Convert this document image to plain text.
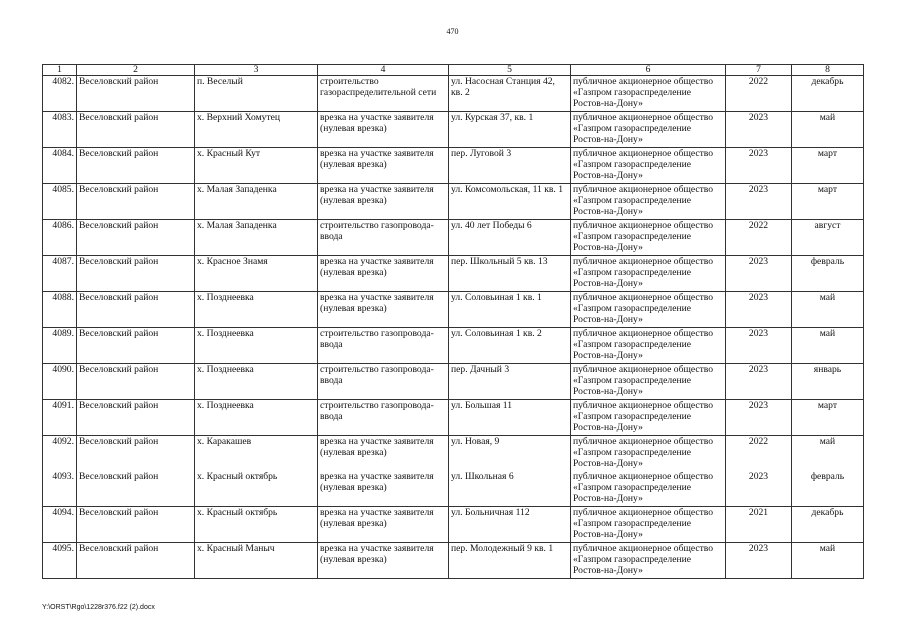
470
1	2	3	4	5	6	7	8
4082.	Веселовский район	п. Веселый	строительство газораспределительной сети	ул. Насосная Станция 42, кв. 2	публичное акционерное общество «Газпром газораспределение Ростов-на-Дону»	2022	декабрь
4083.	Веселовский район	х. Верхний Хомутец	врезка на участке заявителя (нулевая врезка)	ул. Курская 37, кв. 1	публичное акционерное общество «Газпром газораспределение Ростов-на-Дону»	2023	май
4084.	Веселовский район	х. Красный Кут	врезка на участке заявителя (нулевая врезка)	пер. Луговой 3	публичное акционерное общество «Газпром газораспределение Ростов-на-Дону»	2023	март
4085.	Веселовский район	х. Малая Западенка	врезка на участке заявителя (нулевая врезка)	ул. Комсомольская, 11 кв. 1	публичное акционерное общество «Газпром газораспределение Ростов-на-Дону»	2023	март
4086.	Веселовский район	х. Малая Западенка	строительство газопровода-ввода	ул. 40 лет Победы 6	публичное акционерное общество «Газпром газораспределение Ростов-на-Дону»	2022	август
4087.	Веселовский район	х. Красное Знамя	врезка на участке заявителя (нулевая врезка)	пер. Школьный 5 кв. 13	публичное акционерное общество «Газпром газораспределение Ростов-на-Дону»	2023	февраль
4088.	Веселовский район	х. Позднеевка	врезка на участке заявителя (нулевая врезка)	ул. Соловьиная 1 кв. 1	публичное акционерное общество «Газпром газораспределение Ростов-на-Дону»	2023	май
4089.	Веселовский район	х. Позднеевка	строительство газопровода-ввода	ул. Соловьиная 1 кв. 2	публичное акционерное общество «Газпром газораспределение Ростов-на-Дону»	2023	май
4090.	Веселовский район	х. Позднеевка	строительство газопровода-ввода	пер. Дачный 3	публичное акционерное общество «Газпром газораспределение Ростов-на-Дону»	2023	январь
4091.	Веселовский район	х. Позднеевка	строительство газопровода-ввода	ул. Большая 11	публичное акционерное общество «Газпром газораспределение Ростов-на-Дону»	2023	март
4092.	Веселовский район	х. Каракашев	врезка на участке заявителя (нулевая врезка)	ул. Новая, 9	публичное акционерное общество «Газпром газораспределение Ростов-на-Дону»	2022	май
4093.	Веселовский район	х. Красный октябрь	врезка на участке заявителя (нулевая врезка)	ул. Школьная 6	публичное акционерное общество «Газпром газораспределение Ростов-на-Дону»	2023	февраль
4094.	Веселовский район	х. Красный октябрь	врезка на участке заявителя (нулевая врезка)	ул. Больничная 112	публичное акционерное общество «Газпром газораспределение Ростов-на-Дону»	2021	декабрь
4095.	Веселовский район	х. Красный Маныч	врезка на участке заявителя (нулевая врезка)	пер. Молодежный 9 кв. 1	публичное акционерное общество «Газпром газораспределение Ростов-на-Дону»	2023	май
Y:\ORST\Rgo\1228r376.f22 (2).docx
